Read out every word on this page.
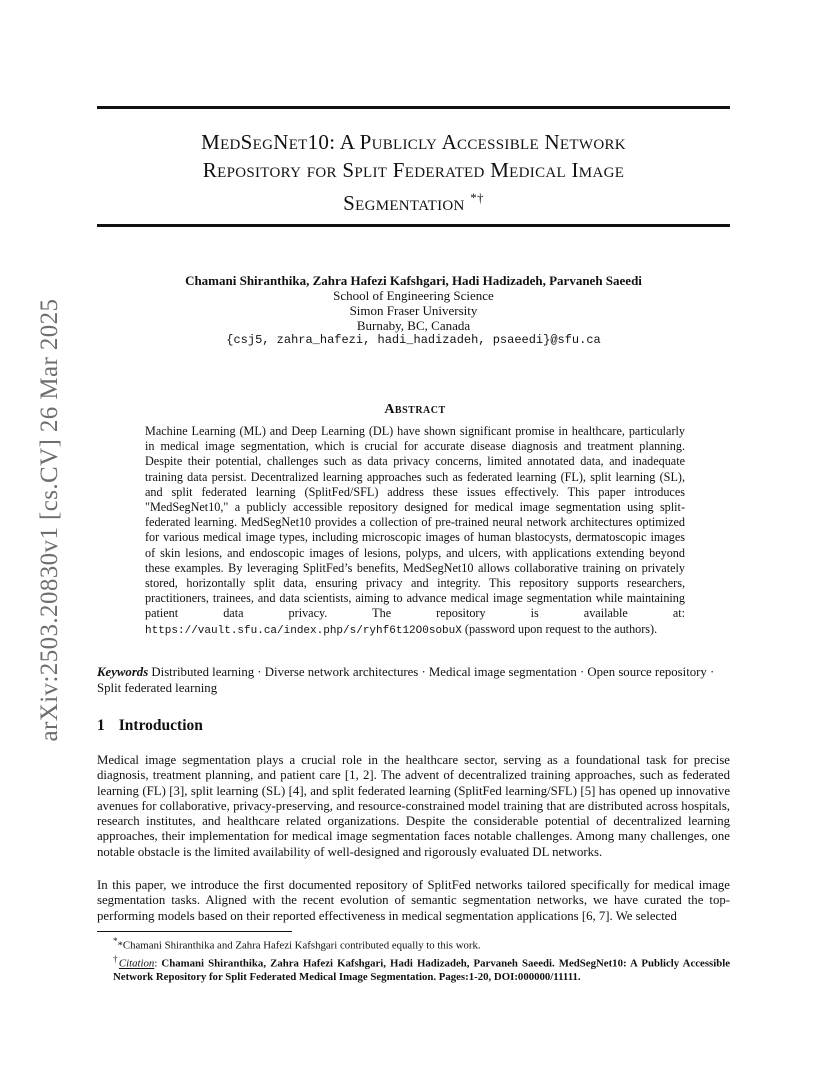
arXiv:2503.20830v1 [cs.CV] 26 Mar 2025
MedSegNet10: A Publicly Accessible Network
Repository for Split Federated Medical Image
Segmentation *†
Chamani Shiranthika, Zahra Hafezi Kafshgari, Hadi Hadizadeh, Parvaneh Saeedi
School of Engineering Science
Simon Fraser University
Burnaby, BC, Canada
{csj5, zahra_hafezi, hadi_hadizadeh, psaeedi}@sfu.ca
Abstract
Machine Learning (ML) and Deep Learning (DL) have shown significant promise in healthcare, particularly in medical image segmentation, which is crucial for accurate disease diagnosis and treatment planning. Despite their potential, challenges such as data privacy concerns, limited annotated data, and inadequate training data persist. Decentralized learning approaches such as federated learning (FL), split learning (SL), and split federated learning (SplitFed/SFL) address these issues effectively. This paper introduces "MedSegNet10," a publicly accessible repository designed for medical image segmentation using split-federated learning. MedSegNet10 provides a collection of pre-trained neural network architectures optimized for various medical image types, including microscopic images of human blastocysts, dermatoscopic images of skin lesions, and endoscopic images of lesions, polyps, and ulcers, with applications extending beyond these examples. By leveraging SplitFed’s benefits, MedSegNet10 allows collaborative training on privately stored, horizontally split data, ensuring privacy and integrity. This repository supports researchers, practitioners, trainees, and data scientists, aiming to advance medical image segmentation while maintaining patient data privacy. The repository is available at: https://vault.sfu.ca/index.php/s/ryhf6t12O0sobuX (password upon request to the authors).
Keywords Distributed learning · Diverse network architectures · Medical image segmentation · Open source repository · Split federated learning
1 Introduction
Medical image segmentation plays a crucial role in the healthcare sector, serving as a foundational task for precise diagnosis, treatment planning, and patient care [1, 2]. The advent of decentralized training approaches, such as federated learning (FL) [3], split learning (SL) [4], and split federated learning (SplitFed learning/SFL) [5] has opened up innovative avenues for collaborative, privacy-preserving, and resource-constrained model training that are distributed across hospitals, research institutes, and healthcare related organizations. Despite the considerable potential of decentralized learning approaches, their implementation for medical image segmentation faces notable challenges. Among many challenges, one notable obstacle is the limited availability of well-designed and rigorously evaluated DL networks.
In this paper, we introduce the first documented repository of SplitFed networks tailored specifically for medical image segmentation tasks. Aligned with the recent evolution of semantic segmentation networks, we have curated the top-performing models based on their reported effectiveness in medical segmentation applications [6, 7]. We selected

**Chamani Shiranthika and Zahra Hafezi Kafshgari contributed equally to this work.

†Citation: Chamani Shiranthika, Zahra Hafezi Kafshgari, Hadi Hadizadeh, Parvaneh Saeedi. MedSegNet10: A Publicly Accessible Network Repository for Split Federated Medical Image Segmentation. Pages:1-20, DOI:000000/11111.
